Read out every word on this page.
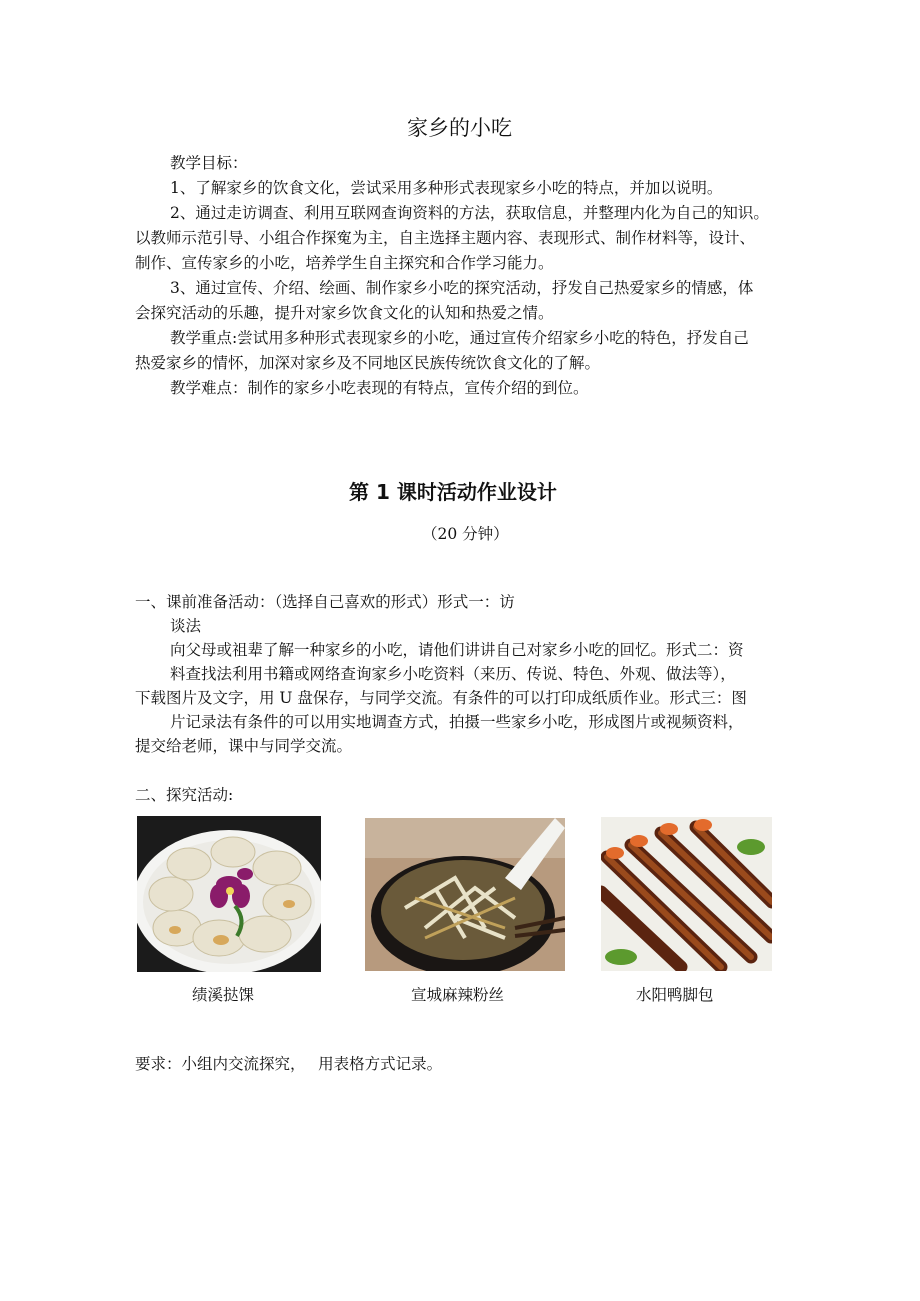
家乡的小吃
教学目标：
1、了解家乡的饮食文化，尝试采用多种形式表现家乡小吃的特点，并加以说明。
2、通过走访调查、利用互联网查询资料的方法，获取信息，并整理内化为自己的知识。
以教师示范引导、小组合作探寃为主，自主选择主题内容、表现形式、制作材料等，设计、
制作、宣传家乡的小吃，培养学生自主探究和合作学习能力。
3、通过宣传、介绍、绘画、制作家乡小吃的探究活动，抒发自己热爱家乡的情感，体
会探究活动的乐趣，提升对家乡饮食文化的认知和热爱之情。
教学重点:尝试用多种形式表现家乡的小吃，通过宣传介绍家乡小吃的特色，抒发自己
热爱家乡的情怀，加深对家乡及不同地区民族传统饮食文化的了解。
教学难点：制作的家乡小吃表现的有特点，宣传介绍的到位。
第 1 课时活动作业设计
（20 分钟）
一、课前准备活动：（选择自己喜欢的形式）形式一：访
谈法
向父母或祖辈了解一种家乡的小吃，请他们讲讲自己对家乡小吃的回忆。形式二：资
料查找法利用书籍或网络查询家乡小吃资料（来历、传说、特色、外观、做法等），
下载图片及文字，用 U 盘保存，与同学交流。有条件的可以打印成纸质作业。形式三：图
片记录法有条件的可以用实地调查方式，拍摄一些家乡小吃，形成图片或视频资料，
提交给老师，课中与同学交流。
二、探究活动:
绩溪挞馃	宣城麻辣粉丝	水阳鸭脚包
要求：小组内交流探究，　 用表格方式记录。
